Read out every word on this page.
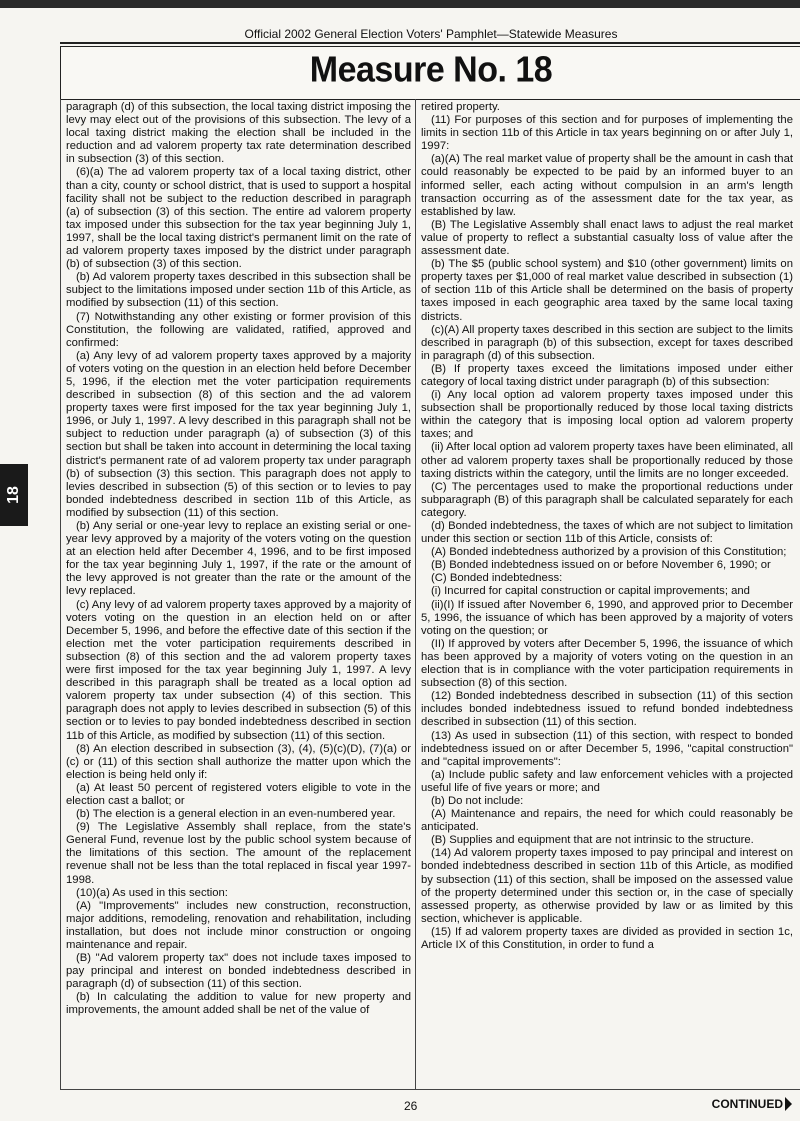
Official 2002 General Election Voters' Pamphlet—Statewide Measures
Measure No. 18

paragraph (d) of this subsection, the local taxing district imposing the levy may elect out of the provisions of this subsection. The levy of a local taxing district making the election shall be included in the reduction and ad valorem property tax rate determination described in subsection (3) of this section.

(6)(a) The ad valorem property tax of a local taxing district, other than a city, county or school district, that is used to support a hospital facility shall not be subject to the reduction described in paragraph (a) of subsection (3) of this section. The entire ad valorem property tax imposed under this subsection for the tax year beginning July 1, 1997, shall be the local taxing district's permanent limit on the rate of ad valorem property taxes imposed by the district under paragraph (b) of subsection (3) of this section.

(b) Ad valorem property taxes described in this subsection shall be subject to the limitations imposed under section 11b of this Article, as modified by subsection (11) of this section.

(7) Notwithstanding any other existing or former provision of this Constitution, the following are validated, ratified, approved and confirmed:

(a) Any levy of ad valorem property taxes approved by a majority of voters voting on the question in an election held before December 5, 1996, if the election met the voter participation requirements described in subsection (8) of this section and the ad valorem property taxes were first imposed for the tax year beginning July 1, 1996, or July 1, 1997. A levy described in this paragraph shall not be subject to reduction under paragraph (a) of subsection (3) of this section but shall be taken into account in determining the local taxing district's permanent rate of ad valorem property tax under paragraph (b) of subsection (3) this section. This paragraph does not apply to levies described in subsection (5) of this section or to levies to pay bonded indebtedness described in section 11b of this Article, as modified by subsection (11) of this section.

(b) Any serial or one-year levy to replace an existing serial or one-year levy approved by a majority of the voters voting on the question at an election held after December 4, 1996, and to be first imposed for the tax year beginning July 1, 1997, if the rate or the amount of the levy approved is not greater than the rate or the amount of the levy replaced.

(c) Any levy of ad valorem property taxes approved by a majority of voters voting on the question in an election held on or after December 5, 1996, and before the effective date of this section if the election met the voter participation requirements described in subsection (8) of this section and the ad valorem property taxes were first imposed for the tax year beginning July 1, 1997. A levy described in this paragraph shall be treated as a local option ad valorem property tax under subsection (4) of this section. This paragraph does not apply to levies described in subsection (5) of this section or to levies to pay bonded indebtedness described in section 11b of this Article, as modified by subsection (11) of this section.

(8) An election described in subsection (3), (4), (5)(c)(D), (7)(a) or (c) or (11) of this section shall authorize the matter upon which the election is being held only if:

(a) At least 50 percent of registered voters eligible to vote in the election cast a ballot; or

(b) The election is a general election in an even-numbered year.

(9) The Legislative Assembly shall replace, from the state's General Fund, revenue lost by the public school system because of the limitations of this section. The amount of the replacement revenue shall not be less than the total replaced in fiscal year 1997-1998.

(10)(a) As used in this section:

(A) "Improvements" includes new construction, reconstruction, major additions, remodeling, renovation and rehabilitation, including installation, but does not include minor construction or ongoing maintenance and repair.

(B) "Ad valorem property tax" does not include taxes imposed to pay principal and interest on bonded indebtedness described in paragraph (d) of subsection (11) of this section.

(b) In calculating the addition to value for new property and improvements, the amount added shall be net of the value of

retired property.

(11) For purposes of this section and for purposes of implementing the limits in section 11b of this Article in tax years beginning on or after July 1, 1997:

(a)(A) The real market value of property shall be the amount in cash that could reasonably be expected to be paid by an informed buyer to an informed seller, each acting without compulsion in an arm's length transaction occurring as of the assessment date for the tax year, as established by law.

(B) The Legislative Assembly shall enact laws to adjust the real market value of property to reflect a substantial casualty loss of value after the assessment date.

(b) The $5 (public school system) and $10 (other government) limits on property taxes per $1,000 of real market value described in subsection (1) of section 11b of this Article shall be determined on the basis of property taxes imposed in each geographic area taxed by the same local taxing districts.

(c)(A) All property taxes described in this section are subject to the limits described in paragraph (b) of this subsection, except for taxes described in paragraph (d) of this subsection.

(B) If property taxes exceed the limitations imposed under either category of local taxing district under paragraph (b) of this subsection:

(i) Any local option ad valorem property taxes imposed under this subsection shall be proportionally reduced by those local taxing districts within the category that is imposing local option ad valorem property taxes; and

(ii) After local option ad valorem property taxes have been eliminated, all other ad valorem property taxes shall be proportionally reduced by those taxing districts within the category, until the limits are no longer exceeded.

(C) The percentages used to make the proportional reductions under subparagraph (B) of this paragraph shall be calculated separately for each category.

(d) Bonded indebtedness, the taxes of which are not subject to limitation under this section or section 11b of this Article, consists of:

(A) Bonded indebtedness authorized by a provision of this Constitution;

(B) Bonded indebtedness issued on or before November 6, 1990; or

(C) Bonded indebtedness:

(i) Incurred for capital construction or capital improvements; and

(ii)(I) If issued after November 6, 1990, and approved prior to December 5, 1996, the issuance of which has been approved by a majority of voters voting on the question; or

(II) If approved by voters after December 5, 1996, the issuance of which has been approved by a majority of voters voting on the question in an election that is in compliance with the voter participation requirements in subsection (8) of this section.

(12) Bonded indebtedness described in subsection (11) of this section includes bonded indebtedness issued to refund bonded indebtedness described in subsection (11) of this section.

(13) As used in subsection (11) of this section, with respect to bonded indebtedness issued on or after December 5, 1996, "capital construction" and "capital improvements":

(a) Include public safety and law enforcement vehicles with a projected useful life of five years or more; and

(b) Do not include:

(A) Maintenance and repairs, the need for which could reasonably be anticipated.

(B) Supplies and equipment that are not intrinsic to the structure.

(14) Ad valorem property taxes imposed to pay principal and interest on bonded indebtedness described in section 11b of this Article, as modified by subsection (11) of this section, shall be imposed on the assessed value of the property determined under this section or, in the case of specially assessed property, as otherwise provided by law or as limited by this section, whichever is applicable.

(15) If ad valorem property taxes are divided as provided in section 1c, Article IX of this Constitution, in order to fund a

18
26	CONTINUED
